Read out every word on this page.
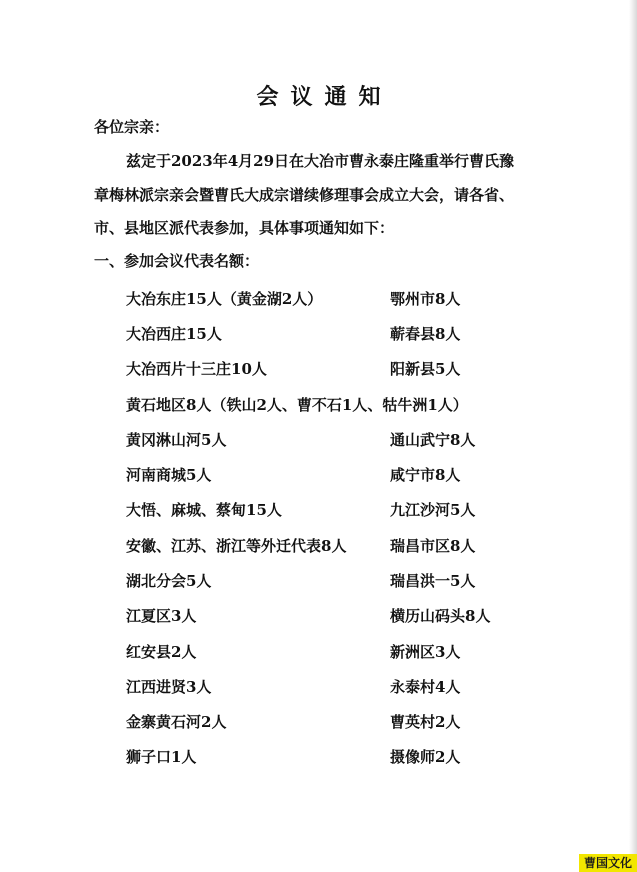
会议通知
各位宗亲：
兹定于2023年4月29日在大冶市曹永泰庄隆重举行曹氏豫
章梅林派宗亲会暨曹氏大成宗谱续修理事会成立大会，请各省、
市、县地区派代表参加，具体事项通知如下：
一、参加会议代表名额：
大冶东庄15人（黄金湖2人）	鄂州市8人
大冶西庄15人	蕲春县8人
大冶西片十三庄10人	阳新县5人
黄石地区8人（铁山2人、曹不石1人、牯牛洲1人）
黄冈淋山河5人	通山武宁8人
河南商城5人	咸宁市8人
大悟、麻城、蔡甸15人	九江沙河5人
安徽、江苏、浙江等外迁代表8人	瑞昌市区8人
湖北分会5人	瑞昌洪一5人
江夏区3人	横历山码头8人
红安县2人	新洲区3人
江西进贤3人	永泰村4人
金寨黄石河2人	曹英村2人
狮子口1人	摄像师2人
曹国文化
